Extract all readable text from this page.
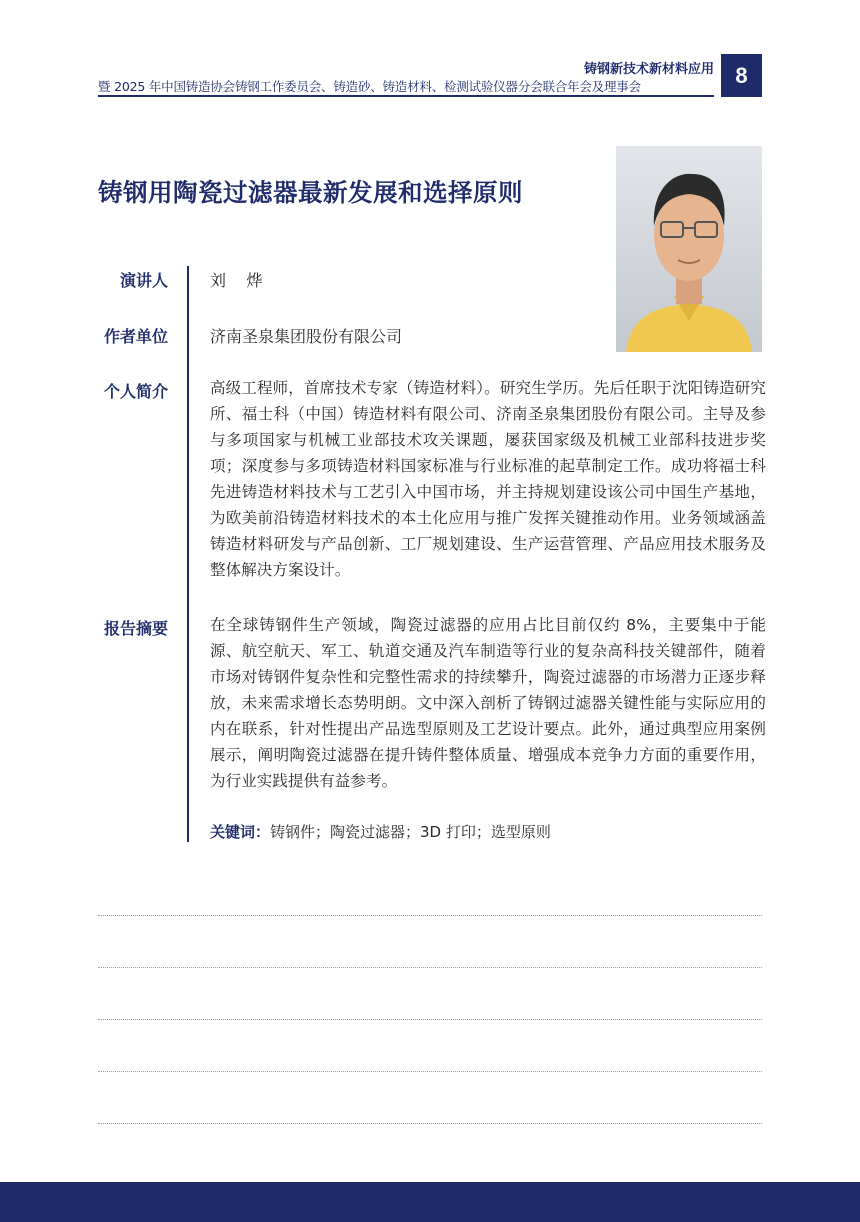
铸钢新技术新材料应用
暨 2025 年中国铸造协会铸钢工作委员会、铸造砂、铸造材料、检测试验仪器分会联合年会及理事会	8
铸钢用陶瓷过滤器最新发展和选择原则
演讲人	刘    烨
作者单位	济南圣泉集团股份有限公司
个人简介	高级工程师，首席技术专家（铸造材料）。研究生学历。先后任职于沈阳铸造研究所、福士科（中国）铸造材料有限公司、济南圣泉集团股份有限公司。主导及参与多项国家与机械工业部技术攻关课题，屡获国家级及机械工业部科技进步奖项；深度参与多项铸造材料国家标准与行业标准的起草制定工作。成功将福士科先进铸造材料技术与工艺引入中国市场，并主持规划建设该公司中国生产基地，为欧美前沿铸造材料技术的本土化应用与推广发挥关键推动作用。业务领域涵盖铸造材料研发与产品创新、工厂规划建设、生产运营管理、产品应用技术服务及整体解决方案设计。

报告摘要	在全球铸钢件生产领域，陶瓷过滤器的应用占比目前仅约 8%，主要集中于能源、航空航天、军工、轨道交通及汽车制造等行业的复杂高科技关键部件，随着市场对铸钢件复杂性和完整性需求的持续攀升，陶瓷过滤器的市场潜力正逐步释放，未来需求增长态势明朗。文中深入剖析了铸钢过滤器关键性能与实际应用的内在联系，针对性提出产品选型原则及工艺设计要点。此外，通过典型应用案例展示，阐明陶瓷过滤器在提升铸件整体质量、增强成本竞争力方面的重要作用，为行业实践提供有益参考。

关键词：铸钢件；陶瓷过滤器；3D 打印；选型原则
